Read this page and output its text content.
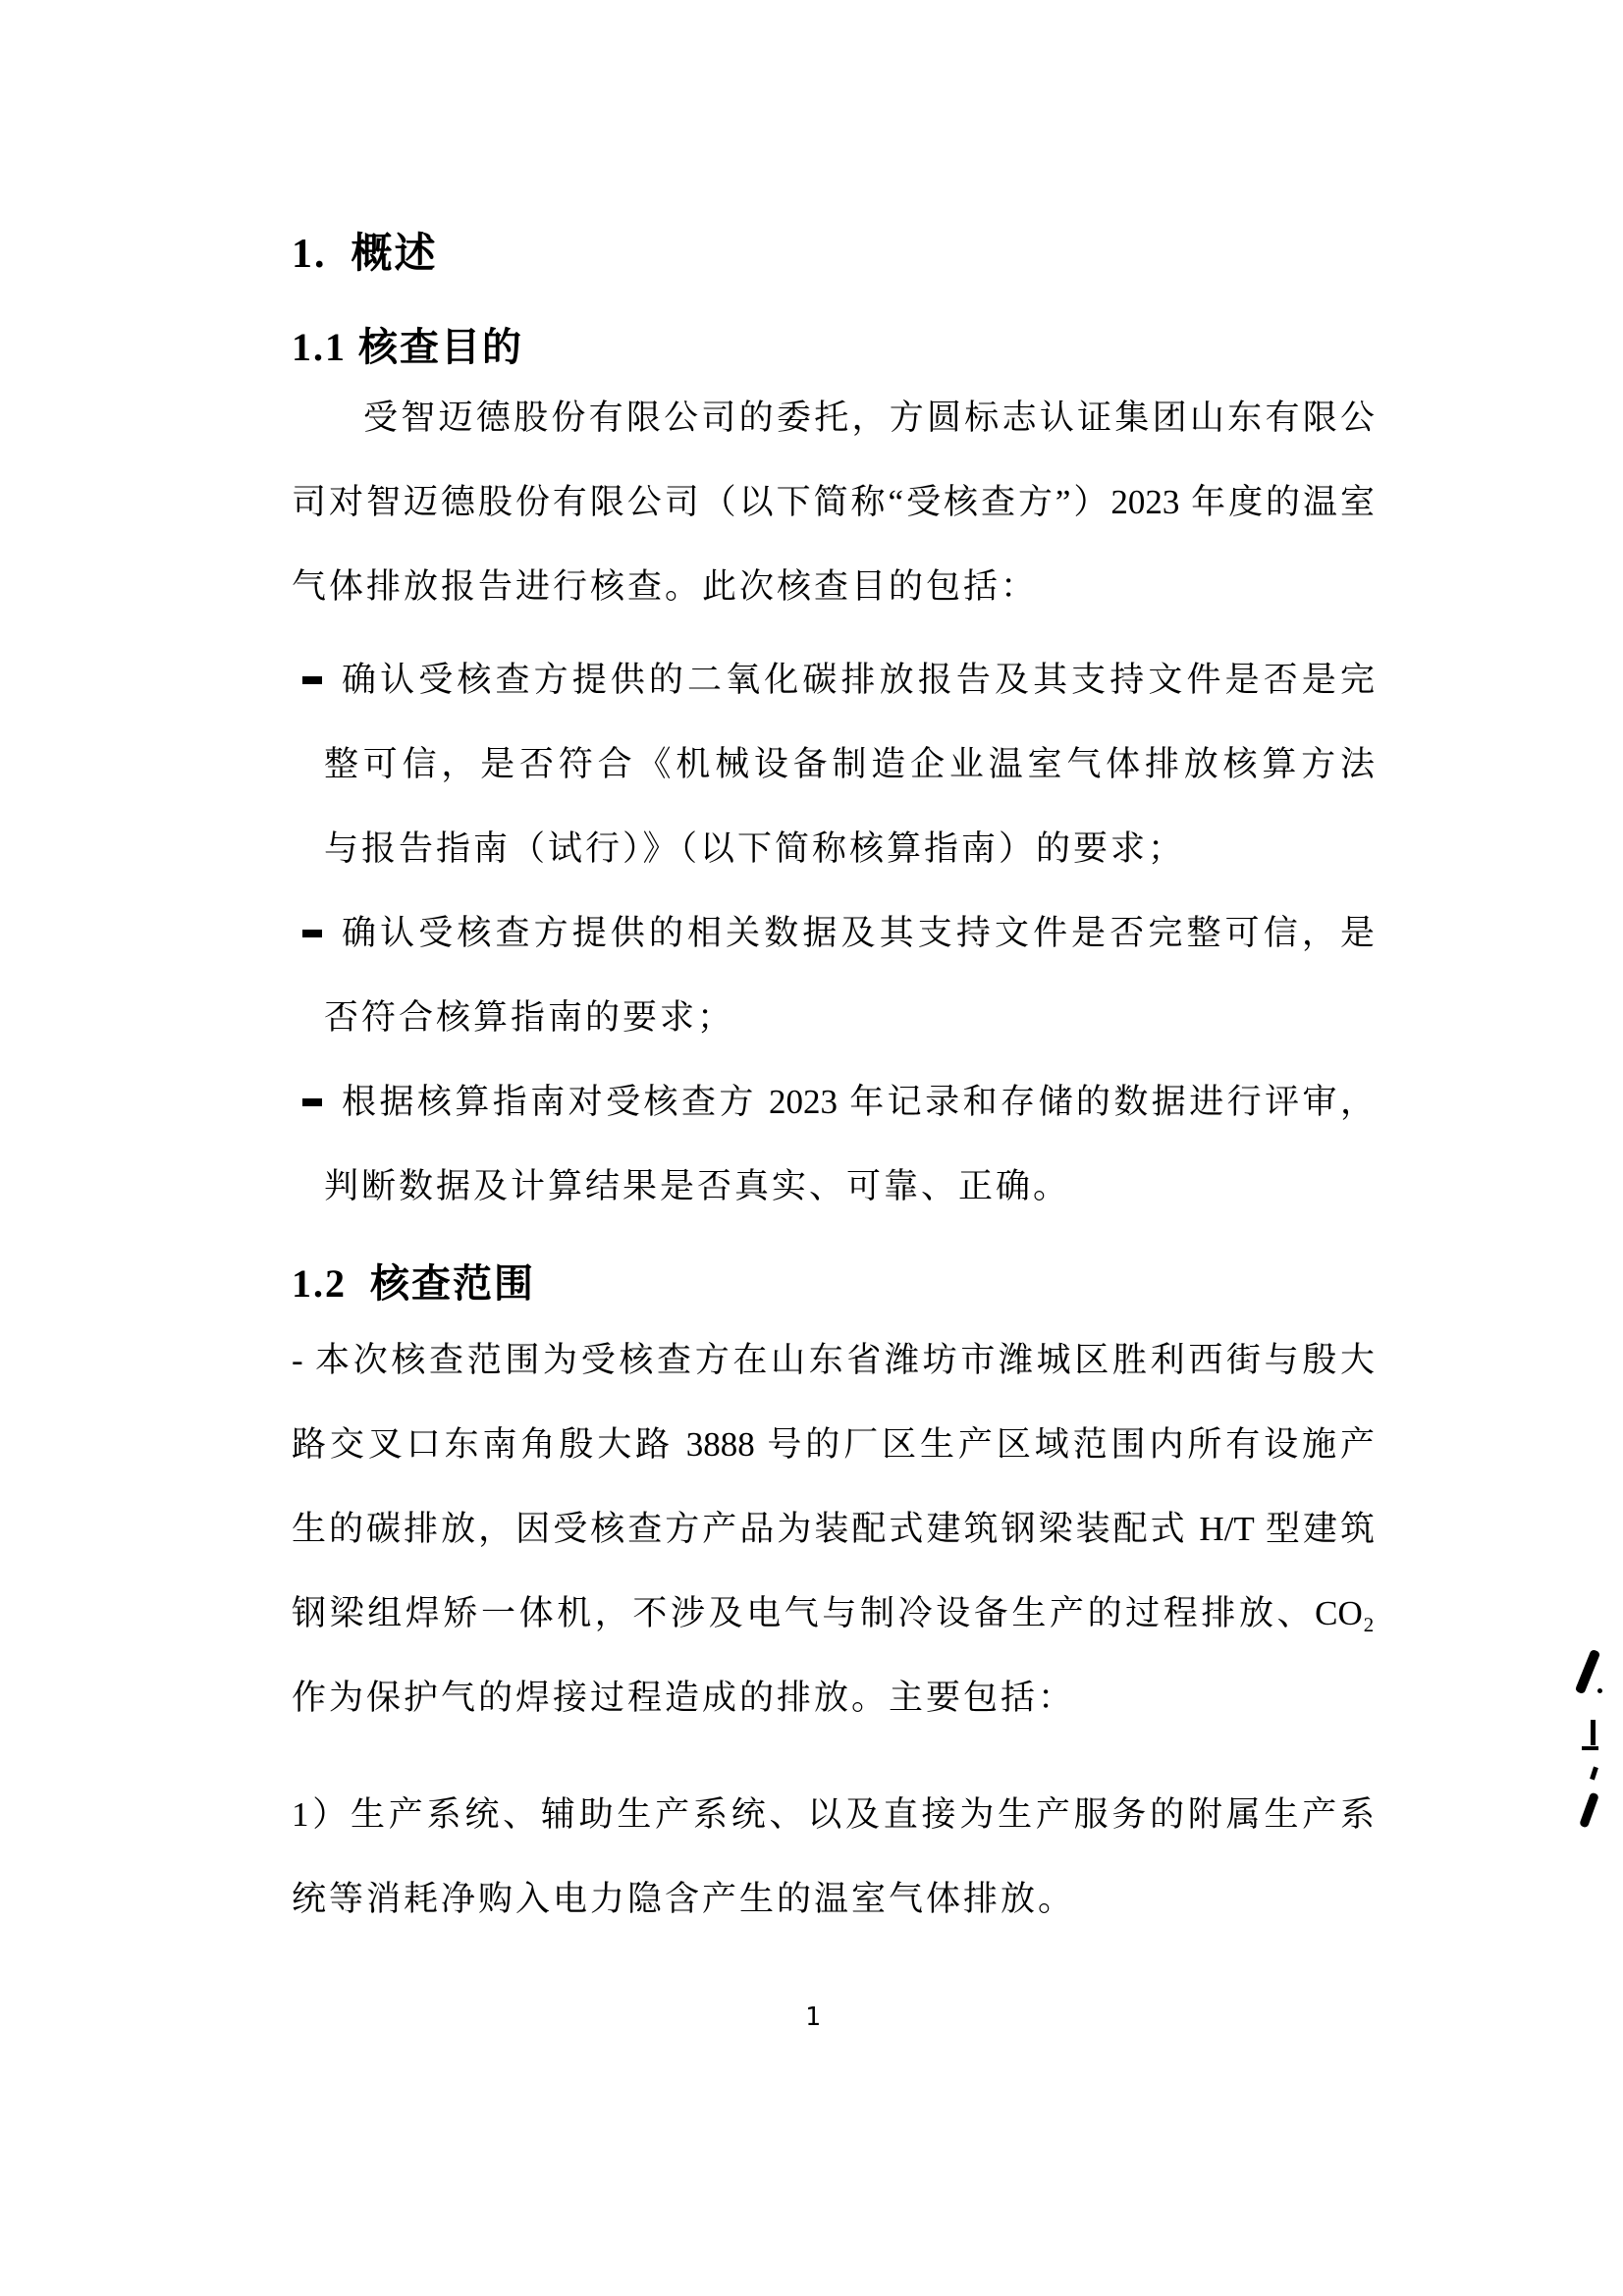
1.  概述
1.1 核查目的
受智迈德股份有限公司的委托，方圆标志认证集团山东有限公
司对智迈德股份有限公司（以下简称“受核查方”）2023 年度的温室
气体排放报告进行核查。此次核查目的包括：
确认受核查方提供的二氧化碳排放报告及其支持文件是否是完
整可信，是否符合《机械设备制造企业温室气体排放核算方法
与报告指南（试行）》（以下简称核算指南）的要求；
确认受核查方提供的相关数据及其支持文件是否完整可信，是
否符合核算指南的要求；
根据核算指南对受核查方 2023 年记录和存储的数据进行评审，
判断数据及计算结果是否真实、可靠、正确。
1.2  核查范围
- 本次核查范围为受核查方在山东省潍坊市潍城区胜利西街与殷大
路交叉口东南角殷大路 3888 号的厂区生产区域范围内所有设施产
生的碳排放，因受核查方产品为装配式建筑钢梁装配式 H/T 型建筑
钢梁组焊矫一体机，不涉及电气与制冷设备生产的过程排放、CO₂
作为保护气的焊接过程造成的排放。主要包括：
1）生产系统、辅助生产系统、以及直接为生产服务的附属生产系
统等消耗净购入电力隐含产生的温室气体排放。
1
